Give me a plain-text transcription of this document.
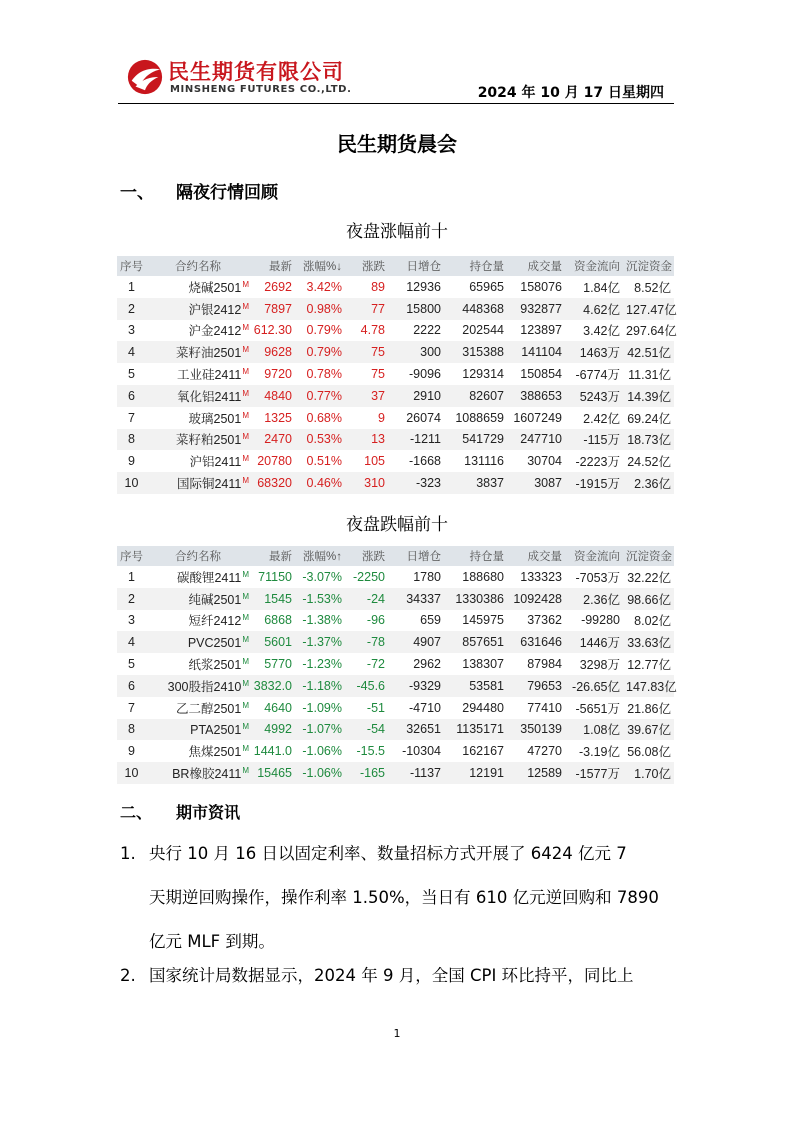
民生期货有限公司
MINSHENG FUTURES CO.,LTD.	2024 年 10 月 17 日星期四
民生期货晨会
一、 隔夜行情回顾
夜盘涨幅前十
序号	合约名称	最新	涨幅%↓	涨跌	日增仓	持仓量	成交量	资金流向	沉淀资金
1	烧碱$2501^M$	2692	3.42%	89	12936	65965	158076	1.84亿	8.52亿
2	沪银$2412^M$	7897	0.98%	77	15800	448368	932877	4.62亿	127.47亿
3	沪金$2412^M$	612.30	0.79%	4.78	2222	202544	123897	3.42亿	297.64亿
4	菜籽油$2501^M$	9628	0.79%	75	300	315388	141104	1463万	42.51亿
5	工业硅$2411^M$	9720	0.78%	75	-9096	129314	150854	-6774万	11.31亿
6	氧化铝$2411^M$	4840	0.77%	37	2910	82607	388653	5243万	14.39亿
7	玻璃$2501^M$	1325	0.68%	9	26074	1088659	1607249	2.42亿	69.24亿
8	菜籽粕$2501^M$	2470	0.53%	13	-1211	541729	247710	-115万	18.73亿
9	沪铝$2411^M$	20780	0.51%	105	-1668	131116	30704	-2223万	24.52亿
10	国际铜$2411^M$	68320	0.46%	310	-323	3837	3087	-1915万	2.36亿
夜盘跌幅前十
序号	合约名称	最新	涨幅%↑	涨跌	日增仓	持仓量	成交量	资金流向	沉淀资金
1	碳酸锂$2411^M$	71150	-3.07%	-2250	1780	188680	133323	-7053万	32.22亿
2	纯碱$2501^M$	1545	-1.53%	-24	34337	1330386	1092428	2.36亿	98.66亿
3	短纤$2412^M$	6868	-1.38%	-96	659	145975	37362	-99280	8.02亿
4	$PVC2501^M$	5601	-1.37%	-78	4907	857651	631646	1446万	33.63亿
5	纸浆$2501^M$	5770	-1.23%	-72	2962	138307	87984	3298万	12.77亿
6	300股指$2410^M$	3832.0	-1.18%	-45.6	-9329	53581	79653	-26.65亿	147.83亿
7	乙二醇$2501^M$	4640	-1.09%	-51	-4710	294480	77410	-5651万	21.86亿
8	$PTA2501^M$	4992	-1.07%	-54	32651	1135171	350139	1.08亿	39.67亿
9	焦煤$2501^M$	1441.0	-1.06%	-15.5	-10304	162167	47270	-3.19亿	56.08亿
10	BR橡胶$2411^M$	15465	-1.06%	-165	-1137	12191	12589	-1577万	1.70亿
二、 期市资讯
1. 央行 10 月 16 日以固定利率、数量招标方式开展了 6424 亿元 7
天期逆回购操作，操作利率 1.50%，当日有 610 亿元逆回购和 7890
亿元 MLF 到期。
2. 国家统计局数据显示，2024 年 9 月，全国 CPI 环比持平，同比上
1
